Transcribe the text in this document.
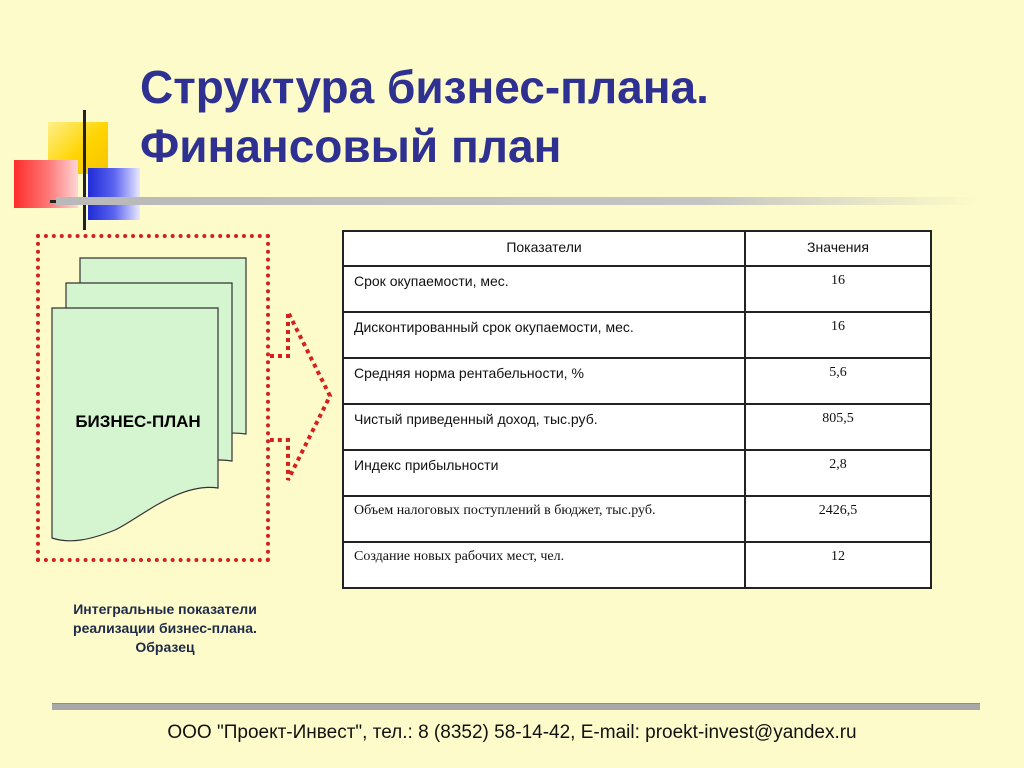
Структура бизнес-плана.
Финансовый план
БИЗНЕС-ПЛАН
Интегральные показатели
реализации бизнес-плана.
Образец
Показатели	Значения
Срок окупаемости, мес.	16
Дисконтированный срок окупаемости, мес.	16
Средняя норма рентабельности, %	5,6
Чистый приведенный доход, тыс.руб.	805,5
Индекс прибыльности	2,8
Объем налоговых поступлений в бюджет, тыс.руб.	2426,5
Создание новых рабочих мест, чел.	12
ООО "Проект-Инвест", тел.: 8 (8352) 58-14-42, E-mail: proekt-invest@yandex.ru
